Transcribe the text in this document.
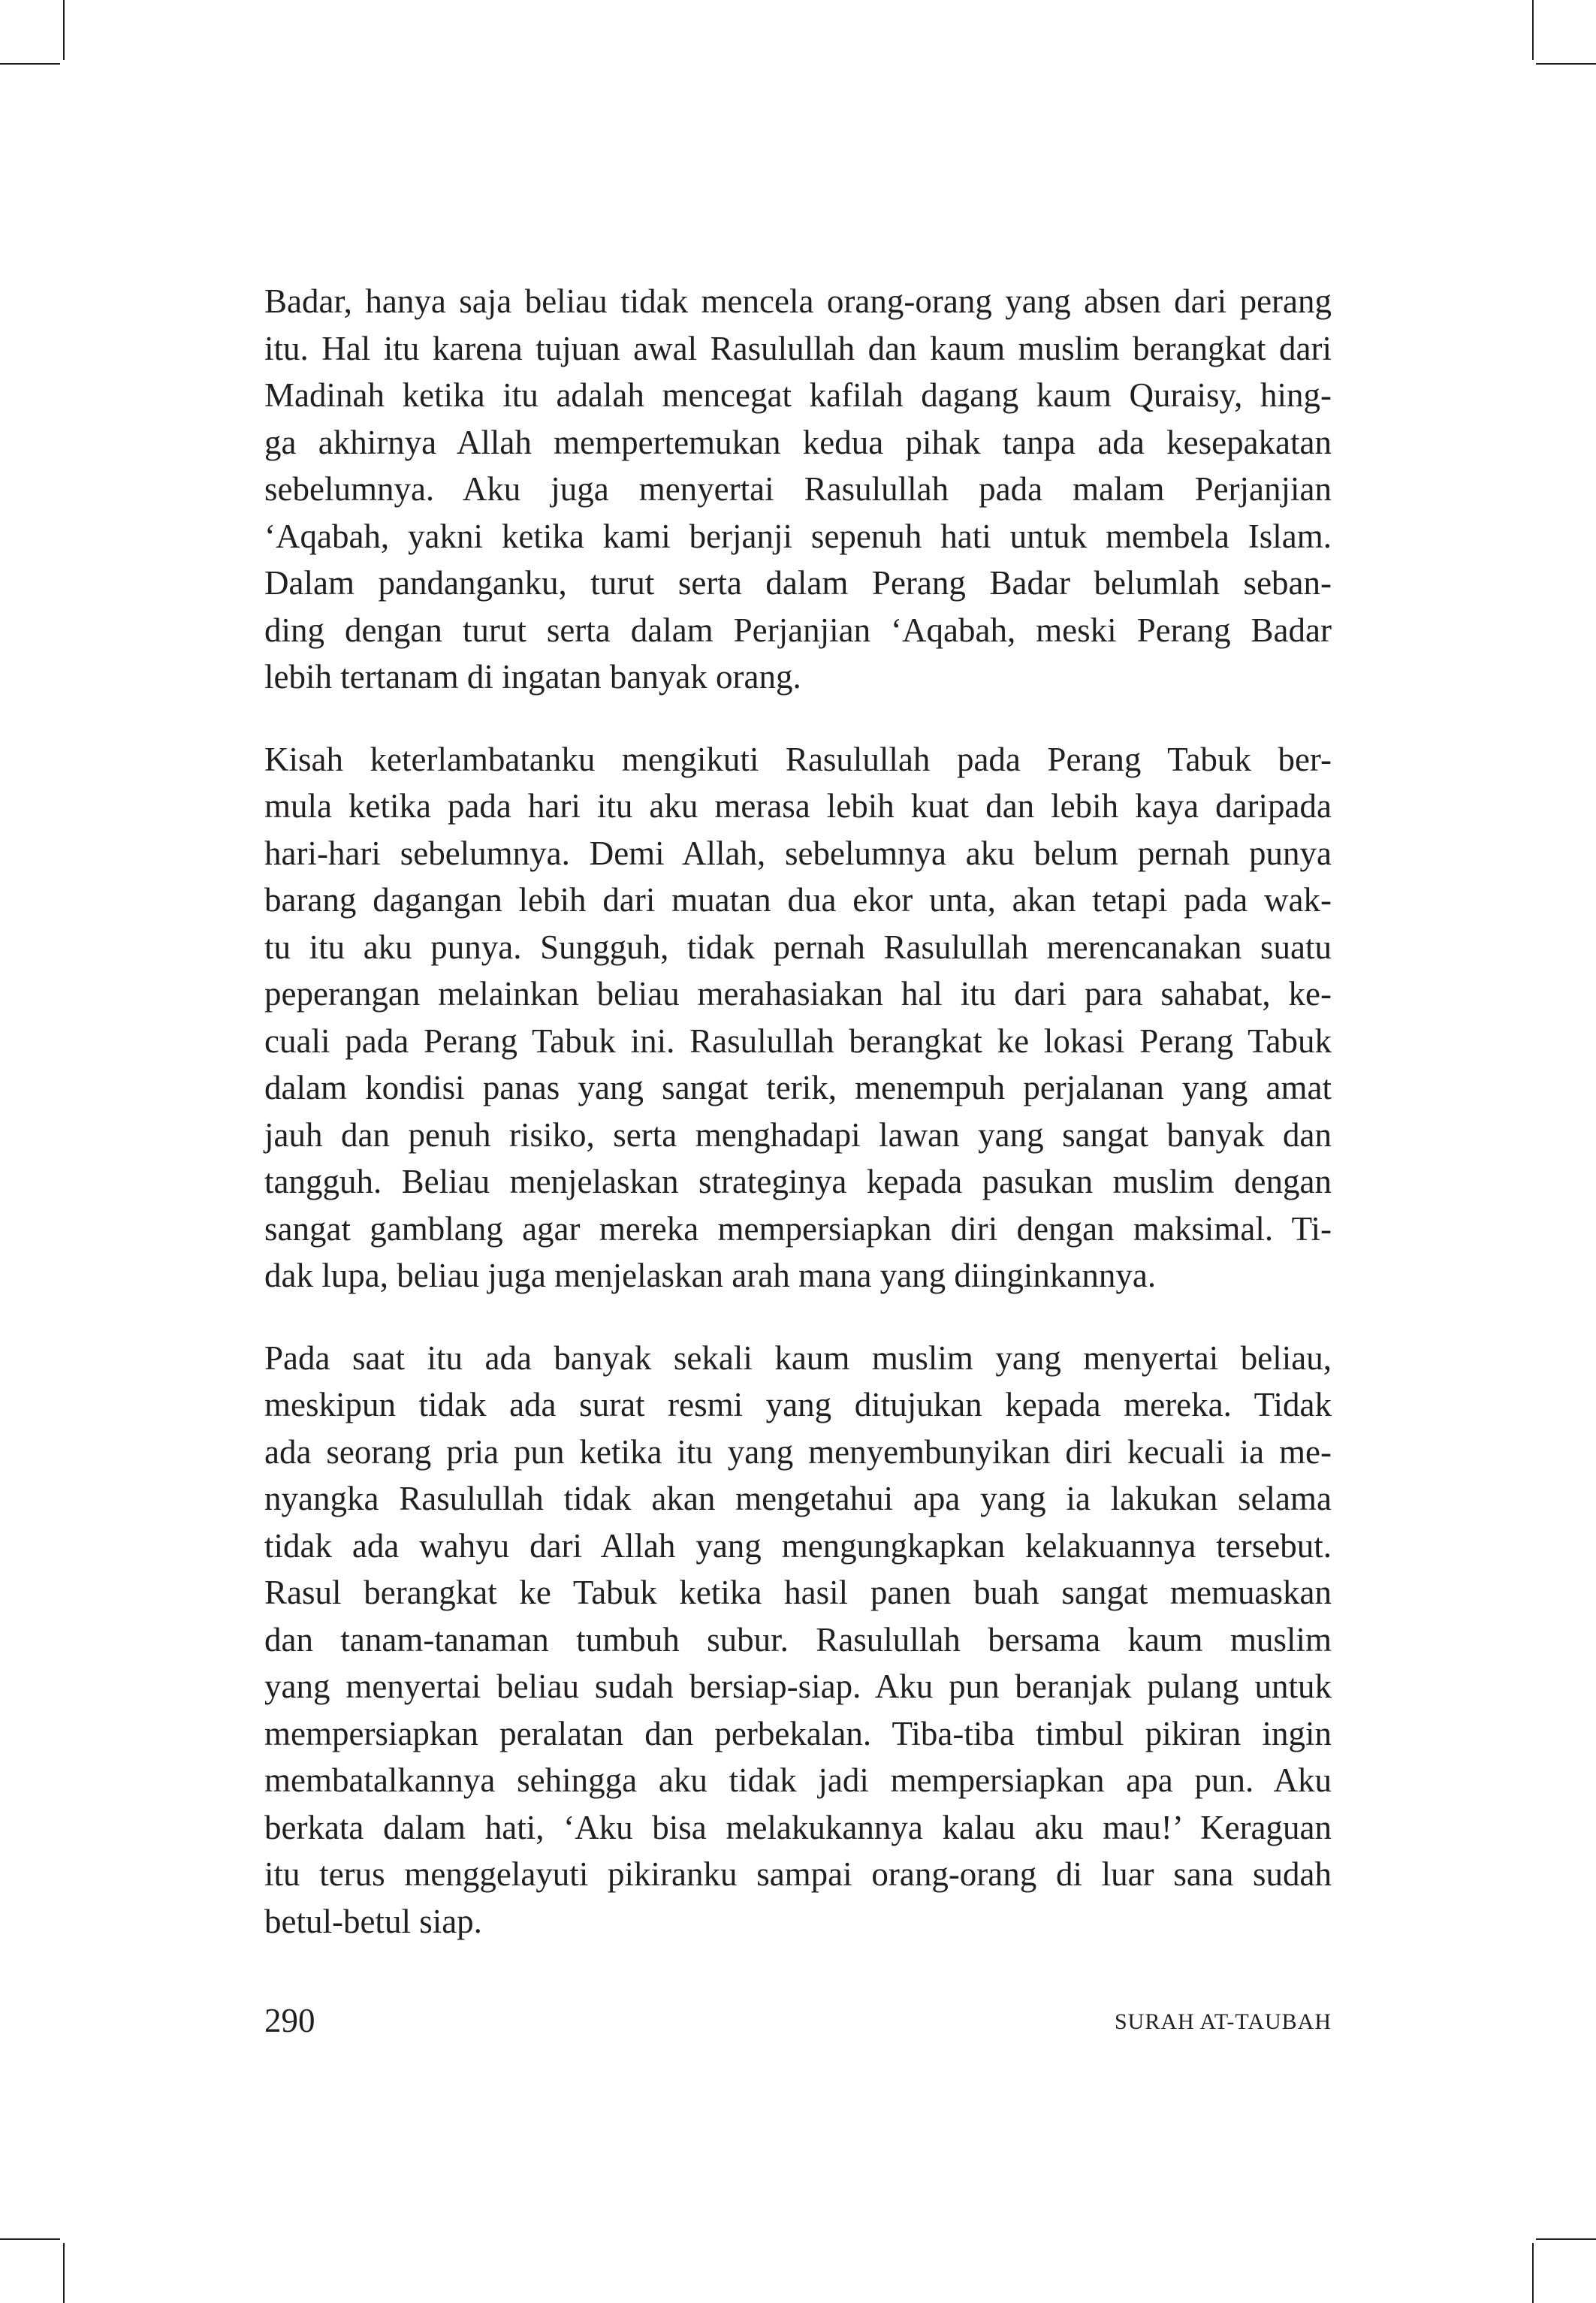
Badar, hanya saja beliau tidak mencela orang-orang yang absen dari perang
itu. Hal itu karena tujuan awal Rasulullah dan kaum muslim berangkat dari
Madinah ketika itu adalah mencegat kafilah dagang kaum Quraisy, hing-
ga akhirnya Allah mempertemukan kedua pihak tanpa ada kesepakatan
sebelumnya. Aku juga menyertai Rasulullah pada malam Perjanjian
‘Aqabah, yakni ketika kami berjanji sepenuh hati untuk membela Islam.
Dalam pandanganku, turut serta dalam Perang Badar belumlah seban-
ding dengan turut serta dalam Perjanjian ‘Aqabah, meski Perang Badar
lebih tertanam di ingatan banyak orang.

Kisah keterlambatanku mengikuti Rasulullah pada Perang Tabuk ber-
mula ketika pada hari itu aku merasa lebih kuat dan lebih kaya daripada
hari-hari sebelumnya. Demi Allah, sebelumnya aku belum pernah punya
barang dagangan lebih dari muatan dua ekor unta, akan tetapi pada wak-
tu itu aku punya. Sungguh, tidak pernah Rasulullah merencanakan suatu
peperangan melainkan beliau merahasiakan hal itu dari para sahabat, ke-
cuali pada Perang Tabuk ini. Rasulullah berangkat ke lokasi Perang Tabuk
dalam kondisi panas yang sangat terik, menempuh perjalanan yang amat
jauh dan penuh risiko, serta menghadapi lawan yang sangat banyak dan
tangguh. Beliau menjelaskan strateginya kepada pasukan muslim dengan
sangat gamblang agar mereka mempersiapkan diri dengan maksimal. Ti-
dak lupa, beliau juga menjelaskan arah mana yang diinginkannya.

Pada saat itu ada banyak sekali kaum muslim yang menyertai beliau,
meskipun tidak ada surat resmi yang ditujukan kepada mereka. Tidak
ada seorang pria pun ketika itu yang menyembunyikan diri kecuali ia me-
nyangka Rasulullah tidak akan mengetahui apa yang ia lakukan selama
tidak ada wahyu dari Allah yang mengungkapkan kelakuannya tersebut.
Rasul berangkat ke Tabuk ketika hasil panen buah sangat memuaskan
dan tanam-tanaman tumbuh subur. Rasulullah bersama kaum muslim
yang menyertai beliau sudah bersiap-siap. Aku pun beranjak pulang untuk
mempersiapkan peralatan dan perbekalan. Tiba-tiba timbul pikiran ingin
membatalkannya sehingga aku tidak jadi mempersiapkan apa pun. Aku
berkata dalam hati, ‘Aku bisa melakukannya kalau aku mau!’ Keraguan
itu terus menggelayuti pikiranku sampai orang-orang di luar sana sudah
betul-betul siap.

290	SURAH AT-TAUBAH
